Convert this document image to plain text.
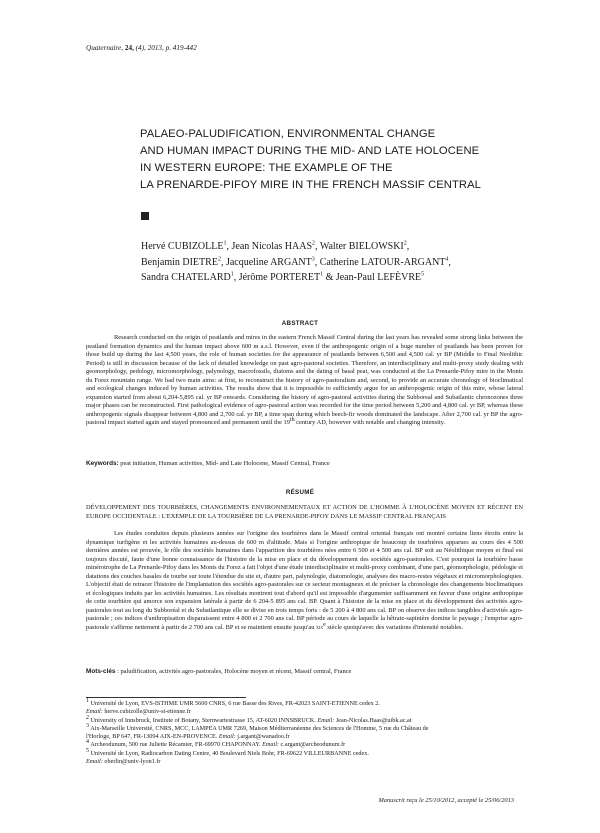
Quaternaire, 24, (4), 2013, p. 419-442
PALAEO-PALUDIFICATION, ENVIRONMENTAL CHANGE
AND HUMAN IMPACT DURING THE MID- AND LATE HOLOCENE
IN WESTERN EUROPE: THE EXAMPLE OF THE
LA PRENARDE-PIFOY MIRE IN THE FRENCH MASSIF CENTRAL
Hervé CUBIZOLLE$^1$, Jean Nicolas HAAS$^2$, Walter BIELOWSKI$^2$,
Benjamin DIETRE$^2$, Jacqueline ARGANT$^3$, Catherine LATOUR-ARGANT$^4$,
Sandra CHATELARD$^1$, Jérôme PORTERET$^1$ & Jean-Paul LEFÈVRE$^5$
ABSTRACT
Research conducted on the origin of peatlands and mires in the eastern French Massif Central during the last years has revealed some strong links between the peatland formation dynamics and the human impact above 600 m a.s.l. However, even if the anthropogenic origin of a huge number of peatlands has been proven for those build up during the last 4,500 years, the role of human societies for the appearance of peatlands between 6,500 and 4,500 cal. yr BP (Middle to Final Neolithic Period) is still in discussion because of the lack of detailed knowledge on past agro-pastoral societies. Therefore, an interdisciplinary and multi-proxy study dealing with geomorphology, pedology, micromorphology, palynology, macrofossils, diatoms and the dating of basal peat, was conducted at the La Prenarde-Pifoy mire in the Monts du Forez mountain range. We had two main aims: at first, to reconstruct the history of agro-pastoralism and, second, to provide an accurate chronology of bioclimatical and ecological changes induced by human activities. The results show that it is impossible to sufficiently argue for an anthropogenic origin of this mire, whose lateral expansion started from about 6,204-5,895 cal. yr BP onwards. Considering the history of agro-pastoral activities during the Subboreal and Subatlantic chronozones three major phases can be reconstructed. First pathological evidence of agro-pastoral action was recorded for the time period between 5,200 and 4,800 cal. yr BP, whereas these anthropogenic signals disappear between 4,800 and 2,700 cal. yr BP, a time span during which beech-fir woods dominated the landscape. After 2,700 cal. yr BP the agro-pastoral impact started again and stayed pronounced and permanent until the 19th century AD, however with notable and changing intensity.
Keywords: peat initiation, Human activities, Mid- and Late Holocene, Massif Central, France
RÉSUMÉ
DÉVELOPPEMENT DES TOURBIÈRES, CHANGEMENTS ENVIRONNEMENTAUX ET ACTION DE L'HOMME À L'HOLOCÈNE MOYEN ET RÉCENT EN EUROPE OCCIDENTALE : L'EXEMPLE DE LA TOURBIÈRE DE LA PRENARDE-PIFOY DANS LE MASSIF CENTRAL FRANÇAIS
Les études conduites depuis plusieurs années sur l'origine des tourbières dans le Massif central oriental français ont montré certains liens étroits entre la dynamique turfigène et les activités humaines au-dessus de 600 m d'altitude. Mais si l'origine anthropique de beaucoup de tourbières apparues au cours des 4 500 dernières années est prouvée, le rôle des sociétés humaines dans l'apparition des tourbières nées entre 6 500 et 4 500 ans cal. BP soit au Néolithique moyen et final est toujours discuté, faute d'une bonne connaissance de l'histoire de la mise en place et du développement des sociétés agro-pastorales. C'est pourquoi la tourbière basse minérotrophe de La Prenarde-Pifoy dans les Monts du Forez a fait l'objet d'une étude interdisciplinaire et multi-proxy combinant, d'une part, géomorphologie, pédologie et datations des couches basales de tourbe sur toute l'étendue du site et, d'autre part, palynologie, diatomologie, analyses des macro-restes végétaux et micromorphologiques. L'objectif était de retracer l'histoire de l'implantation des sociétés agro-pastorales sur ce secteur montagneux et de préciser la chronologie des changements bioclimatiques et écologiques induits par les activités humaines. Les résultats montrent tout d'abord qu'il est impossible d'argumenter suffisamment en faveur d'une origine anthropique de cette tourbière qui amorce son expansion latérale à partir de 6 204-5 895 ans cal. BP. Quant à l'histoire de la mise en place et du développement des activités agro-pastorales tout au long du Subboréal et du Subatlantique elle se divise en trois temps forts : de 5 200 à 4 800 ans cal. BP on observe des indices tangibles d'activités agro-pastorale ; ces indices d'anthropisation disparaissent entre 4 800 et 2 700 ans cal. BP période au cours de laquelle la hêtraie-sapinière domine le paysage ; l'emprise agro-pastorale s'affirme nettement à partir de 2 700 ans cal. BP et se maintient ensuite jusqu'au xixe siècle quoiqu'avec des variations d'intensité notables.
Mots-clés : paludification, activités agro-pastorales, Holocène moyen et récent, Massif central, France
1 Université de Lyon, EVS-ISTHME UMR 5600 CNRS, 6 rue Basse des Rives, FR-42023 SAINT-ETIENNE cedex 2.
Email: herve.cubizolle@univ-st-etienne.fr
2 University of Innsbruck, Institute of Botany, Sternwartestrasse 15, AT-6020 INNSBRUCK. Email: Jean-Nicolas.Haas@uibk.ac.at
3 Aix-Marseille Université, CNRS, MCC, LAMPEA UMR 7269, Maison Méditerranéenne des Sciences de l'Homme, 5 rue du Château de
l'Horloge, BP 647, FR-13094 AIX-EN-PROVENCE. Email: j.argant@wanadoo.fr
4 Archeodunum, 500 rue Juliette Récamier, FR-69970 CHAPONNAY. Email: c.argant@archeodunum.fr
5 Université de Lyon, Radiocarbon Dating Centre, 40 Boulevard Niels Bohr, FR-69622 VILLEURBANNE cedex.
Email: oberlin@univ-lyon1.fr
Manuscrit reçu le 25/10/2012, accepté le 25/06/2013
